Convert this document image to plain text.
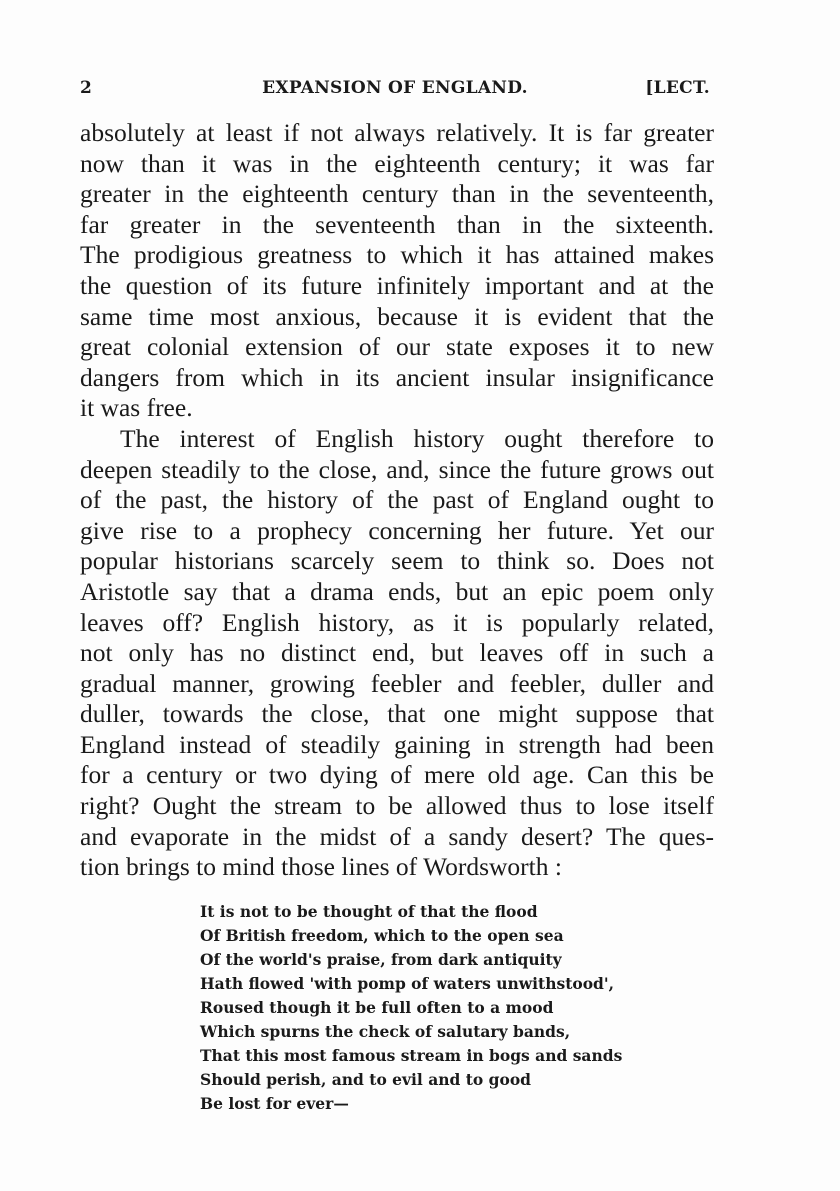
2	EXPANSION OF ENGLAND.	[LECT.
absolutely at least if not always relatively. It is far greater
now than it was in the eighteenth century; it was far
greater in the eighteenth century than in the seventeenth,
far greater in the seventeenth than in the sixteenth.
The prodigious greatness to which it has attained makes
the question of its future infinitely important and at the
same time most anxious, because it is evident that the
great colonial extension of our state exposes it to new
dangers from which in its ancient insular insignificance
it was free.
The interest of English history ought therefore to
deepen steadily to the close, and, since the future grows out
of the past, the history of the past of England ought to
give rise to a prophecy concerning her future. Yet our
popular historians scarcely seem to think so. Does not
Aristotle say that a drama ends, but an epic poem only
leaves off? English history, as it is popularly related,
not only has no distinct end, but leaves off in such a
gradual manner, growing feebler and feebler, duller and
duller, towards the close, that one might suppose that
England instead of steadily gaining in strength had been
for a century or two dying of mere old age. Can this be
right? Ought the stream to be allowed thus to lose itself
and evaporate in the midst of a sandy desert? The ques-
tion brings to mind those lines of Wordsworth :
It is not to be thought of that the flood
Of British freedom, which to the open sea
Of the world's praise, from dark antiquity
Hath flowed 'with pomp of waters unwithstood',
Roused though it be full often to a mood
Which spurns the check of salutary bands,
That this most famous stream in bogs and sands
Should perish, and to evil and to good
Be lost for ever—
